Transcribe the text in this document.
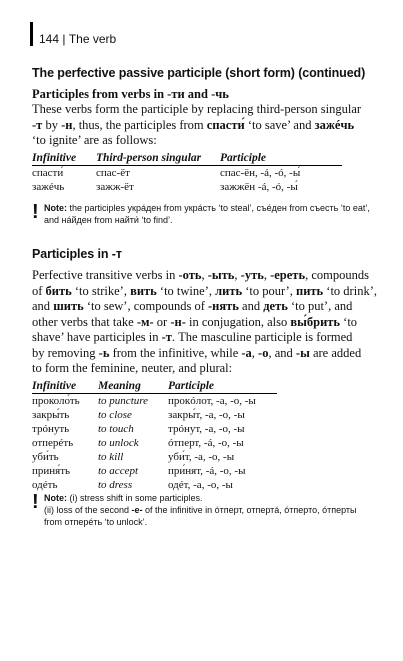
144 | The verb
The perfective passive participle (short form) (continued)
Participles from verbs in -ти and -чь

These verbs form the participle by replacing third-person singular

-т by -н, thus, the participles from спасти́ ‘to save’ and зажéчь

‘to ignite’ are as follows:

Infinitive	Third-person singular	Participle
спасти́	спас-ёт	спас-ён, -á, -ó, -ы́
зажéчь	зажж-ёт	зажжён -á, -ó, -ы́
! Note: the participles укрáден from укрáсть ‘to steal’, съéден from съесть ‘to eat’, and нáйден from найти́ ‘to find’.
Participles in -т

Perfective transitive verbs in -оть, -ыть, -уть, -ереть, compounds

of бить ‘to strike’, вить ‘to twine’, лить ‘to pour’, пить ‘to drink’,

and шить ‘to sew’, compounds of -нять and деть ‘to put’, and

other verbs that take -м- or -н- in conjugation, also вы́брить ‘to

shave’ have participles in -т. The masculine participle is formed

by removing -ь from the infinitive, while -а, -о, and -ы are added

to form the feminine, neuter, and plural:

Infinitive	Meaning	Participle
проколо́ть	to puncture	прокóлот, -а, -о, -ы
закры́ть	to close	закры́т, -а, -о, -ы
трóнуть	to touch	трóнут, -а, -о, -ы
отперéть	to unlock	óтперт, -á, -о, -ы
уби́ть	to kill	уби́т, -а, -о, -ы
приня́ть	to accept	при́нят, -á, -о, -ы
одéть	to dress	одéт, -а, -о, -ы
! Note: (i) stress shift in some participles.
(ii) loss of the second -е- of the infinitive in óтперт, отпертá, óтперто, óтперты
from отперéть ‘to unlock’.
